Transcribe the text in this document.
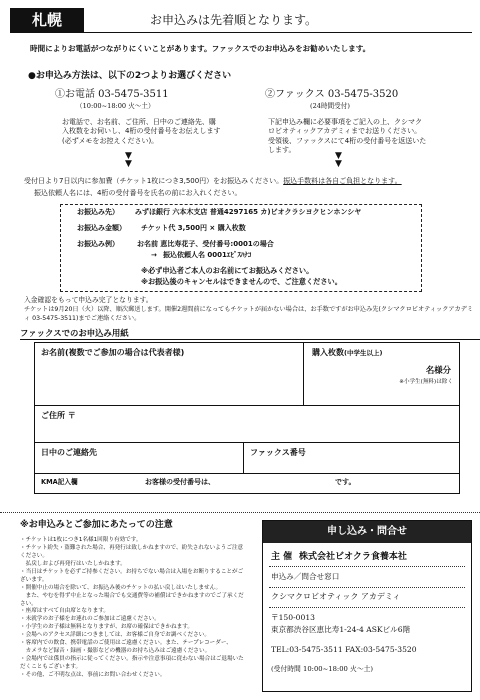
札幌	お申込みは先着順となります。
時間によりお電話がつながりにくいことがあります。ファックスでのお申込みをお勧めいたします。
●お申込み方法は、以下の2つよりお選びください
①お電話 03-5475-3511
（10:00~18:00 火～土）
お電話で、お名前、ご住所、日中のご連絡先、購入枚数をお伺いし、4桁の受付番号をお伝えします(必ずメモをお控えください)。
②ファックス 03-5475-3520
(24時間受付)
下記申込み欄に必要事項をご記入の上、クシマクロビオティックアカデミィまでお送りください。受領後、ファックスにて4桁の受付番号を返送いたします。
▼
▼
▼
▼
受付日より7日以内に参加費（チケット1枚につき3,500円）をお振込みください。振込手数料は各自ご負担となります。
振込依頼人名には、4桁の受付番号を氏名の前にお入れください。
お振込み先） みずほ銀行 六本木支店 普通4297165 カ)ビオクラシヨクヒンホンシヤ
お振込み金額） チケット代 3,500円 × 購入枚数
お振込み例）	お名前 恵比寿花子、受付番号:0001の場合
→ 振込依頼人名 0001ｴﾋﾞｽﾊﾅｺ
※必ず申込者ご本人のお名前にてお振込みください。
※お振込後のキャンセルはできませんので、ご注意ください。
入金確認をもって申込み完了となります。
チケットは9月20日（火）以降、順次郵送します。開催2週間前になってもチケットが届かない場合は、お手数ですがお申込み先(クシマクロビオティックアカデミィ 03-5475-3511)までご連絡ください。
ファックスでのお申込み用紙
お名前(複数でご参加の場合は代表者様)	購入枚数(中学生以上)
名様分
※小学生(無料)は除く
ご住所 〒
日中のご連絡先	ファックス番号
KMA記入欄	お客様の受付番号は、	です。
※お申込みとご参加にあたっての注意
・チケットは1枚につき1名様1回限り有効です。
・チケット紛失・盗難された場合、再発行は致しかねますので、紛失されないようご注意ください。
　払戻しおよび再発行はいたしかねます。
・当日はチケットを必ずご持参ください。お持ちでない場合は入場をお断りすることがございます。
・開催中止の場合を除いて、お振込み後のチケットの払い戻しはいたしません。
　また、やむを得ず中止となった場合でも交通費等の補償はできかねますのでご了承ください。
・座席はすべて自由席となります。
・未就学のお子様をお連れのご参加はご遠慮ください。
・小学生のお子様は無料となりますが、お席の確保はできかねます。
・会場へのアクセス詳細につきましては、お客様ご自身でお調べください。
・客席内での飲食、携帯電話のご使用はご遠慮ください。また、テープレコーダー、
　カメラなど録音・録画・撮影などの機器のお持ち込みはご遠慮ください。
・会場内では係員の指示に従ってください。指示や注意事項に従わない場合はご退場いただくこともございます。
・その他、ご不明な点は、事前にお問い合わせください。
申し込み・問合せ
主 催 株式会社ビオクラ食養本社
申込み／問合せ窓口
クシマクロビオティック アカデミィ
〒150-0013
東京都渋谷区恵比寿1-24-4 ASKビル6階
TEL:03-5475-3511 FAX:03-5475-3520
(受付時間 10:00~18:00 火～土)
